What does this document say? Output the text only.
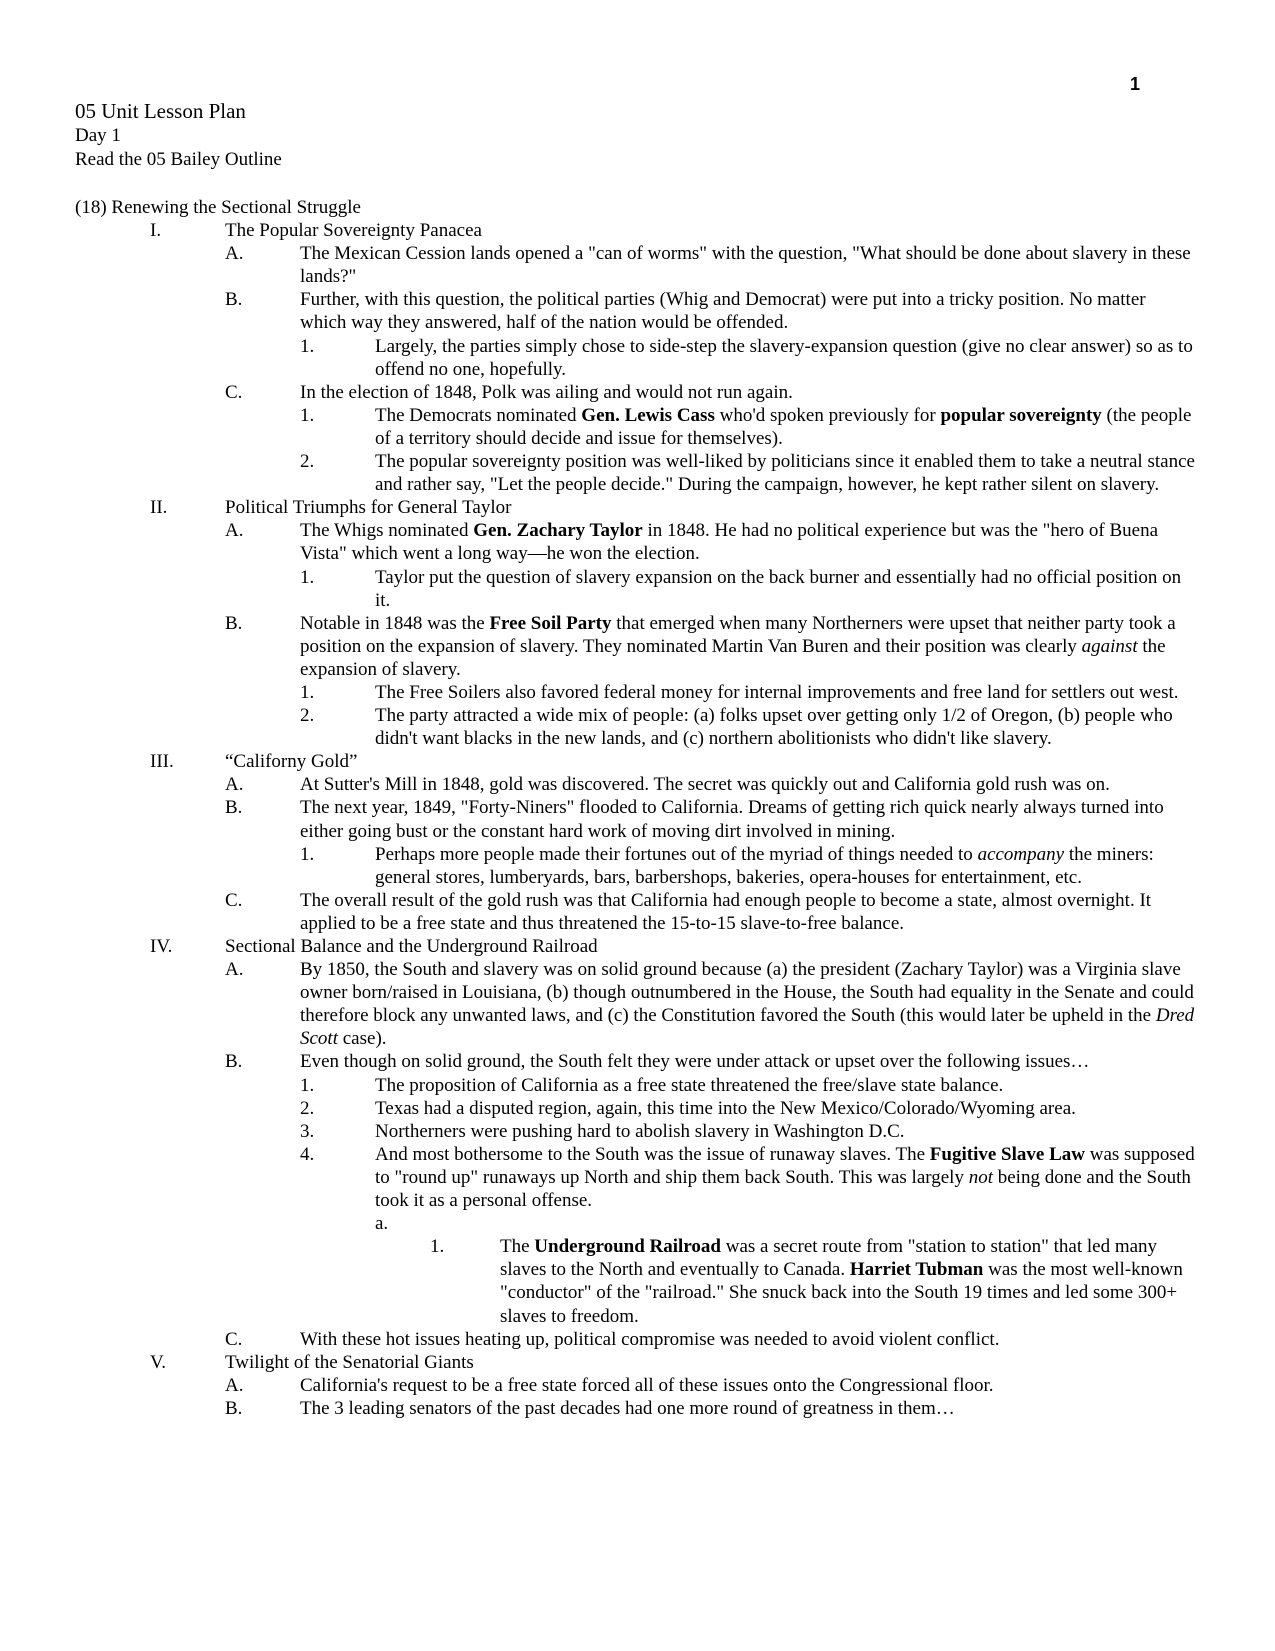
1
05 Unit Lesson Plan
Day 1
Read the 05 Bailey Outline
(18) Renewing the Sectional Struggle
I.	The Popular Sovereignty Panacea
A.	The Mexican Cession lands opened a "can of worms" with the question, "What should be done about slavery in these lands?"
B.	Further, with this question, the political parties (Whig and Democrat) were put into a tricky position. No matter which way they answered, half of the nation would be offended.
1.	Largely, the parties simply chose to side-step the slavery-expansion question (give no clear answer) so as to offend no one, hopefully.
C.	In the election of 1848, Polk was ailing and would not run again.
1.	The Democrats nominated Gen. Lewis Cass who'd spoken previously for popular sovereignty (the people of a territory should decide and issue for themselves).
2.	The popular sovereignty position was well-liked by politicians since it enabled them to take a neutral stance and rather say, "Let the people decide." During the campaign, however, he kept rather silent on slavery.
II.	Political Triumphs for General Taylor
A.	The Whigs nominated Gen. Zachary Taylor in 1848. He had no political experience but was the "hero of Buena Vista" which went a long way—he won the election.
1.	Taylor put the question of slavery expansion on the back burner and essentially had no official position on it.
B.	Notable in 1848 was the Free Soil Party that emerged when many Northerners were upset that neither party took a position on the expansion of slavery. They nominated Martin Van Buren and their position was clearly against the expansion of slavery.
1.	The Free Soilers also favored federal money for internal improvements and free land for settlers out west.
2.	The party attracted a wide mix of people: (a) folks upset over getting only 1/2 of Oregon, (b) people who didn't want blacks in the new lands, and (c) northern abolitionists who didn't like slavery.
III.	“Californy Gold”
A.	At Sutter's Mill in 1848, gold was discovered. The secret was quickly out and California gold rush was on.
B.	The next year, 1849, "Forty-Niners" flooded to California. Dreams of getting rich quick nearly always turned into either going bust or the constant hard work of moving dirt involved in mining.
1.	Perhaps more people made their fortunes out of the myriad of things needed to accompany the miners: general stores, lumberyards, bars, barbershops, bakeries, opera-houses for entertainment, etc.
C.	The overall result of the gold rush was that California had enough people to become a state, almost overnight. It applied to be a free state and thus threatened the 15-to-15 slave-to-free balance.
IV.	Sectional Balance and the Underground Railroad
A.	By 1850, the South and slavery was on solid ground because (a) the president (Zachary Taylor) was a Virginia slave owner born/raised in Louisiana, (b) though outnumbered in the House, the South had equality in the Senate and could therefore block any unwanted laws, and (c) the Constitution favored the South (this would later be upheld in the Dred Scott case).
B.	Even though on solid ground, the South felt they were under attack or upset over the following issues…
1.	The proposition of California as a free state threatened the free/slave state balance.
2.	Texas had a disputed region, again, this time into the New Mexico/Colorado/Wyoming area.
3.	Northerners were pushing hard to abolish slavery in Washington D.C.
4.	And most bothersome to the South was the issue of runaway slaves. The Fugitive Slave Law was supposed to "round up" runaways up North and ship them back South. This was largely not being done and the South took it as a personal offense.
a.
1.	The Underground Railroad was a secret route from "station to station" that led many slaves to the North and eventually to Canada. Harriet Tubman was the most well-known "conductor" of the "railroad." She snuck back into the South 19 times and led some 300+ slaves to freedom.
C.	With these hot issues heating up, political compromise was needed to avoid violent conflict.
V.	Twilight of the Senatorial Giants
A.	California's request to be a free state forced all of these issues onto the Congressional floor.
B.	The 3 leading senators of the past decades had one more round of greatness in them…
